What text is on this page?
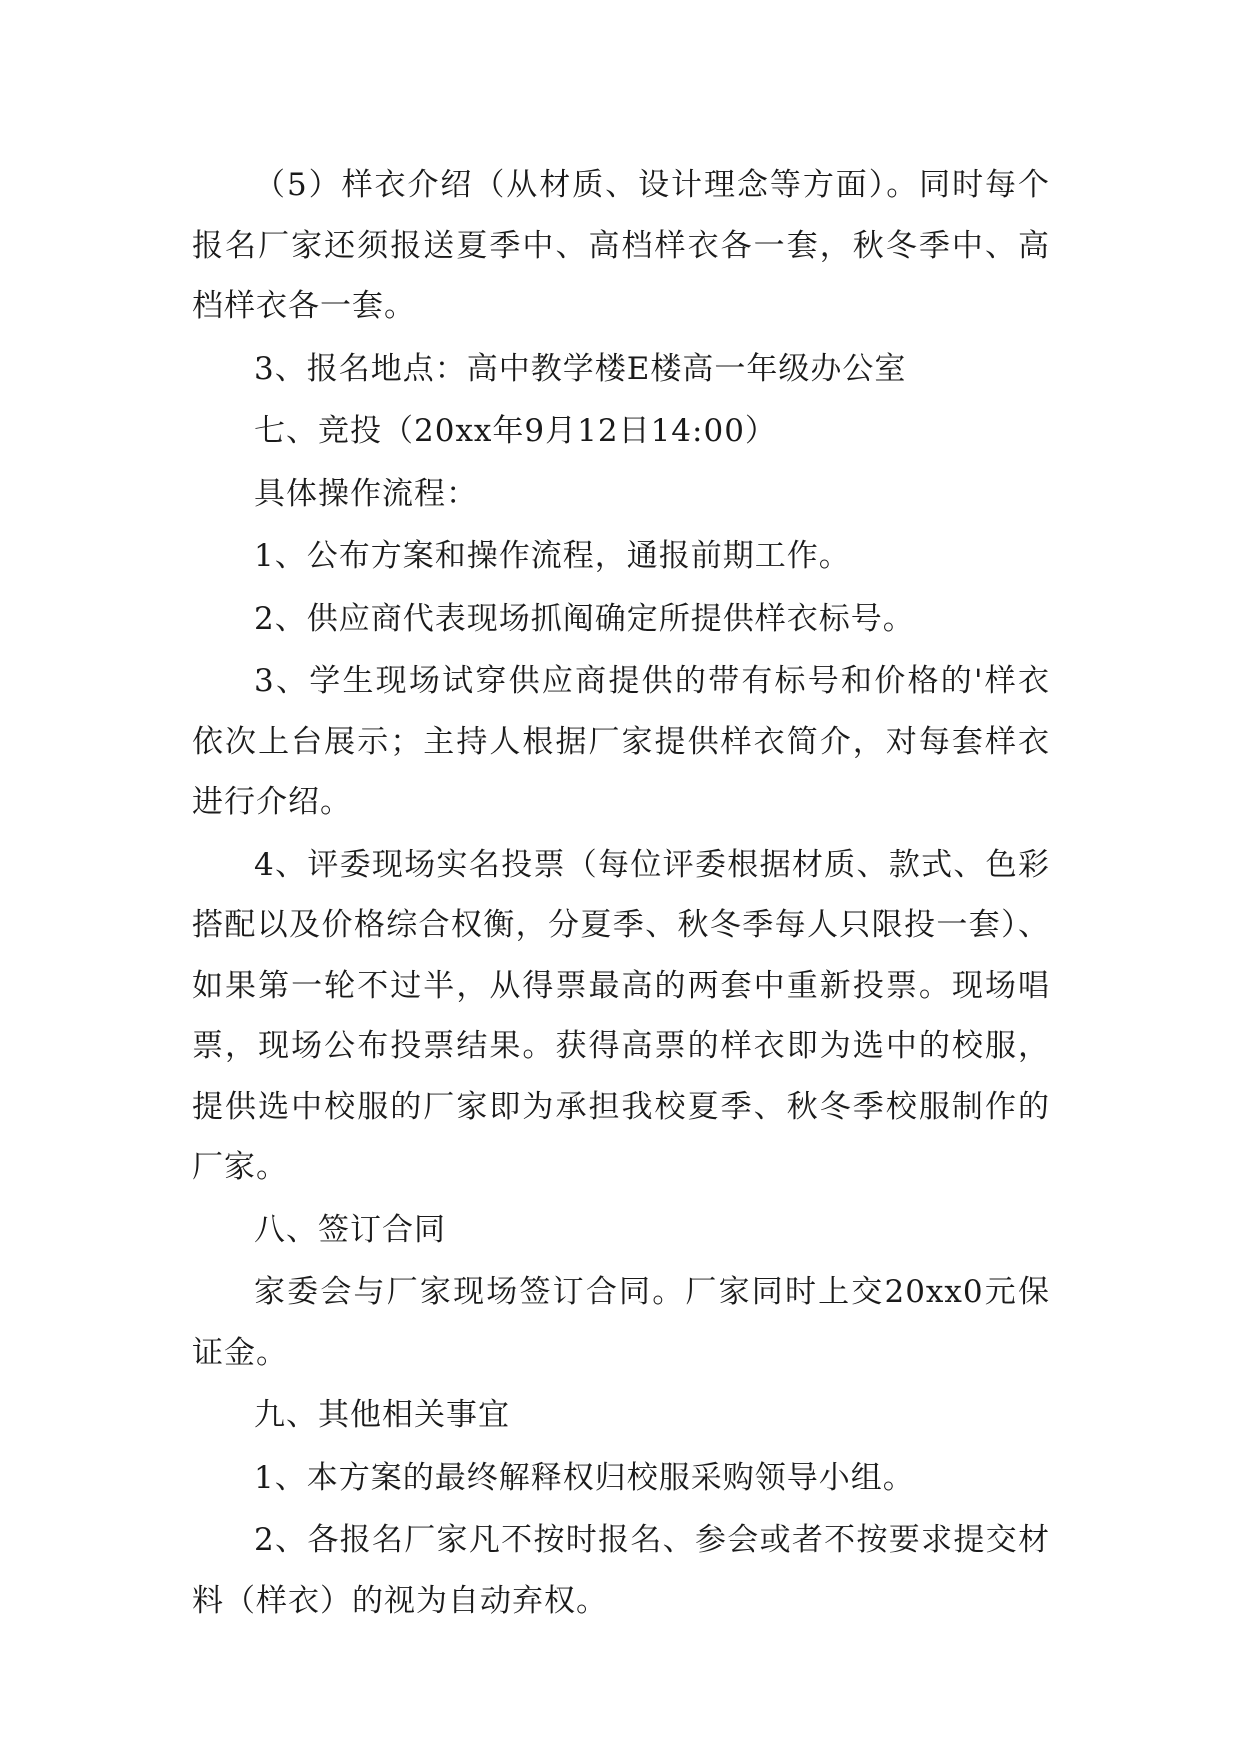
（5）样衣介绍（从材质、设计理念等方面）。同时每个报名厂家还须报送夏季中、高档样衣各一套，秋冬季中、高档样衣各一套。

3、报名地点：高中教学楼E楼高一年级办公室

七、竞投（20xx年9月12日14:00）

具体操作流程：

1、公布方案和操作流程，通报前期工作。

2、供应商代表现场抓阄确定所提供样衣标号。

3、学生现场试穿供应商提供的带有标号和价格的'样衣依次上台展示；主持人根据厂家提供样衣简介，对每套样衣进行介绍。

4、评委现场实名投票（每位评委根据材质、款式、色彩搭配以及价格综合权衡，分夏季、秋冬季每人只限投一套）、如果第一轮不过半，从得票最高的两套中重新投票。现场唱票，现场公布投票结果。获得高票的样衣即为选中的校服，提供选中校服的厂家即为承担我校夏季、秋冬季校服制作的厂家。

八、签订合同

家委会与厂家现场签订合同。厂家同时上交20xx0元保证金。

九、其他相关事宜

1、本方案的最终解释权归校服采购领导小组。

2、各报名厂家凡不按时报名、参会或者不按要求提交材料（样衣）的视为自动弃权。
